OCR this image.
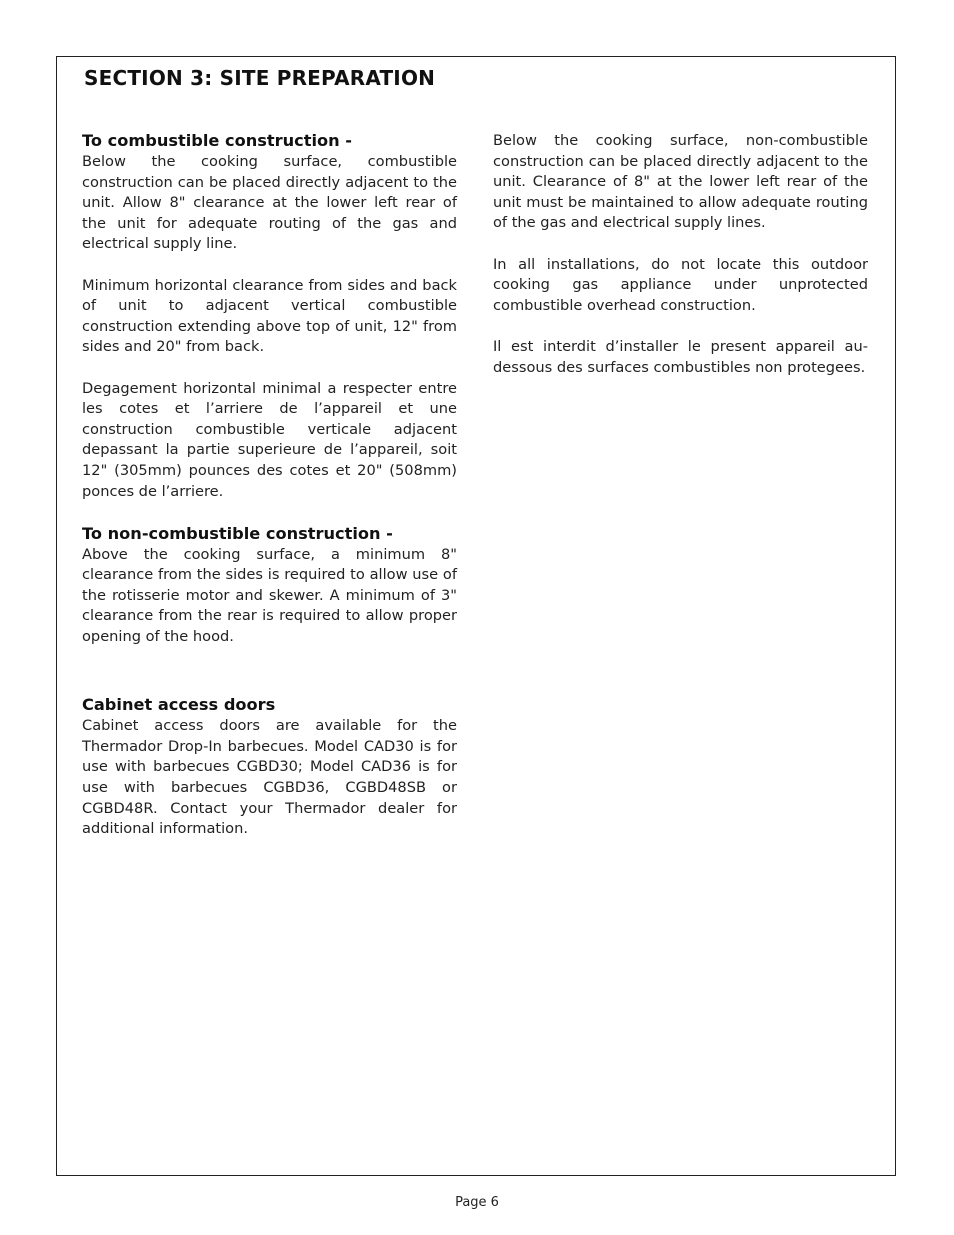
SECTION 3: SITE PREPARATION
To combustible construction -

Below the cooking surface, combustible construction can be placed directly adjacent to the unit. Allow 8" clearance at the lower left rear of the unit for adequate routing of the gas and electrical supply line.

Minimum horizontal clearance from sides and back of unit to adjacent vertical combustible construction extending above top of unit, 12" from sides and 20" from back.

Degagement horizontal minimal a respecter entre les cotes et l’arriere de l’appareil et une construction combustible verticale adjacent depassant la partie superieure de l’appareil, soit 12" (305mm) pounces des cotes et 20" (508mm) ponces de l’arriere.

To non-combustible construction -

Above the cooking surface, a minimum 8" clearance from the sides is required to allow use of the rotisserie motor and skewer. A minimum of 3" clearance from the rear is required to allow proper opening of the hood.

Cabinet access doors

Cabinet access doors are available for the Thermador Drop-In barbecues. Model CAD30 is for use with barbecues CGBD30; Model CAD36 is for use with barbecues CGBD36, CGBD48SB or CGBD48R. Contact your Thermador dealer for additional information.

Below the cooking surface, non-combustible construction can be placed directly adjacent to the unit. Clearance of 8" at the lower left rear of the unit must be maintained to allow adequate routing of the gas and electrical supply lines.

In all installations, do not locate this outdoor cooking gas appliance under unprotected combustible overhead construction.

Il est interdit d’installer le present appareil au-dessous des surfaces combustibles non protegees.

Page 6
